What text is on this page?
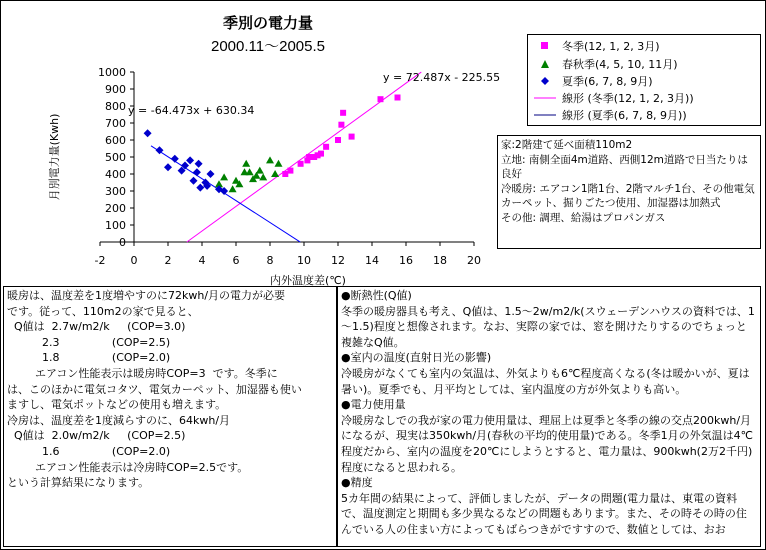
季別の電力量
2000.11～2005.5
0
100
200
300
400
500
600
700
800
900
1000
-2 0 2 4 6 8 10 12 14 16 18 20
y = 72.487x - 225.55
y = -64.473x + 630.34
内外温度差(℃)
月別電力量(Kwh)
冬季(12, 1, 2, 3月)
春秋季(4, 5, 10, 11月)
夏季(6, 7, 8, 9月)
線形 (冬季(12, 1, 2, 3月))
線形 (夏季(6, 7, 8, 9月))
家:2階建て延べ面積110m2
立地: 南側全面4m道路、西側12m道路で日当たりは良好
冷暖房: エアコン1階1台、2階マルチ1台、その他電気カーペット、掘りごたつ使用、加湿器は加熱式
その他: 調理、給湯はプロパンガス
暖房は、温度差を1度増やすのに72kwh/月の電力が必要
です。従って、110m2の家で見ると、
Q値は  2.7w/m2/k     (COP=3.0)
2.3               (COP=2.5)
1.8               (COP=2.0)
エアコン性能表示は暖房時COP=3  です。冬季に
は、このほかに電気コタツ、電気カーペット、加湿器も使い
ますし、電気ポットなどの使用も増えます。
冷房は、温度差を1度減らすのに、64kwh/月
Q値は  2.0w/m2/k     (COP=2.5)
1.6               (COP=2.0)
エアコン性能表示は冷房時COP=2.5です。
という計算結果になります。
●断熱性(Q値)
冬季の暖房器具も考え、Q値は、1.5～2w/m2/k(スウェーデンハウスの資料では、1～1.5)程度と想像されます。なお、実際の家では、窓を開けたりするのでちょっと複雑なQ値。
●室内の温度(直射日光の影響)
冷暖房がなくても室内の気温は、外気よりも6℃程度高くなる(冬は暖かいが、夏は暑い)。夏季でも、月平均としては、室内温度の方が外気よりも高い。
●電力使用量
冷暖房なしでの我が家の電力使用量は、理屈上は夏季と冬季の線の交点200kwh/月になるが、現実は350kwh/月(春秋の平均的使用量)である。冬季1月の外気温は4℃程度だから、室内の温度を20℃にしようとすると、電力量は、900kwh(2万2千円)程度になると思われる。
●精度
5カ年間の結果によって、評価しましたが、データの問題(電力量は、東電の資料で、温度測定と期間も多少異なるなどの問題もあります。また、その時その時の住んでいる人の住まい方によってもばらつきがですすので、数値としては、おお
